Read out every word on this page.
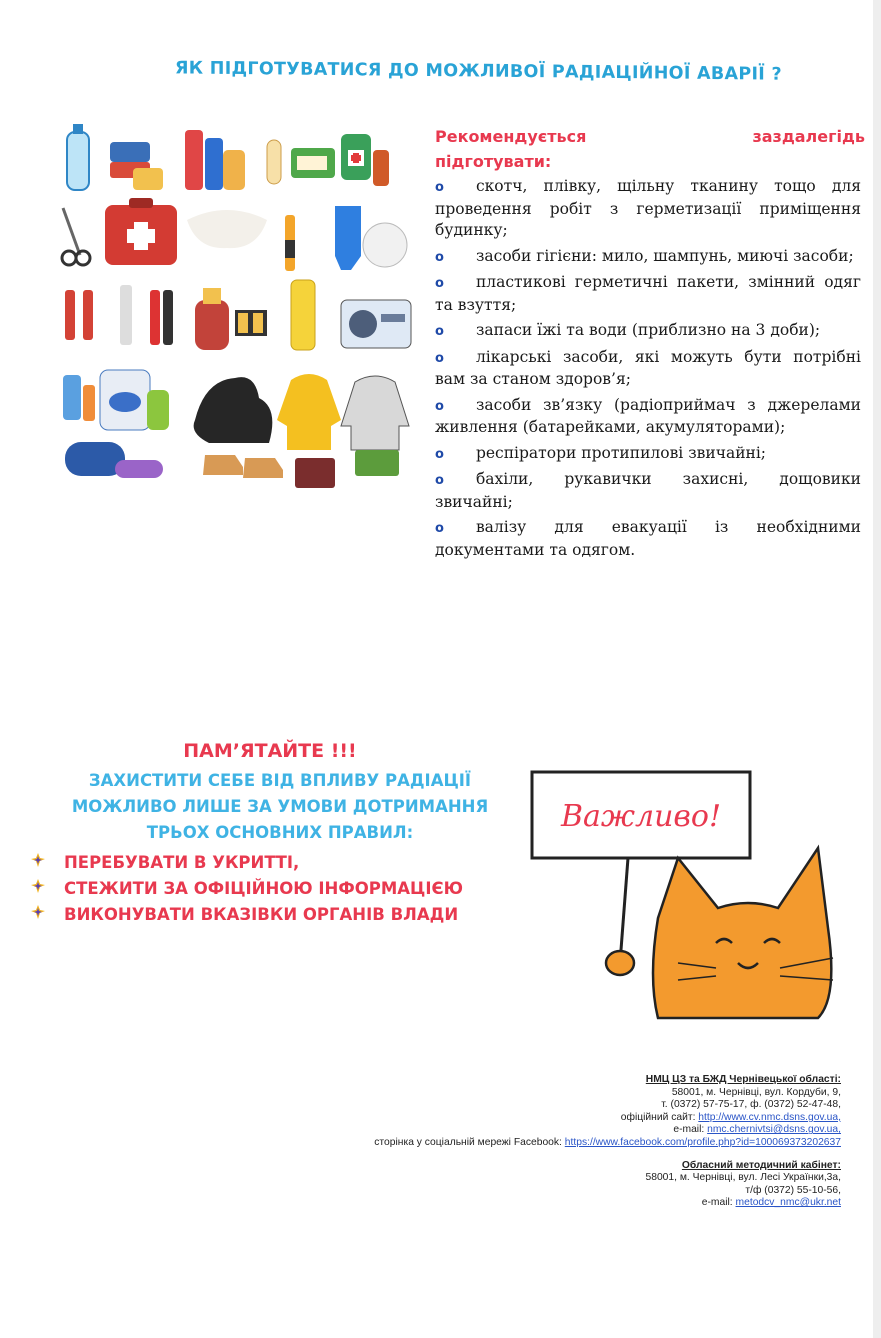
ЯК ПІДГОТУВАТИСЯ ДО МОЖЛИВОЇ РАДІАЦІЙНОЇ АВАРІЇ ?
Рекомендується	заздалегідь
підготувати:
o скотч, плівку, щільну тканину тощо для проведення робіт з герметизації приміщення будинку;
o засоби гігієни: мило, шампунь, миючі засоби;
o пластикові герметичні пакети, змінний одяг та взуття;
o запаси їжі та води (приблизно на 3 доби);
o лікарські засоби, які можуть бути потрібні вам за станом здоров’я;
o засоби зв’язку (радіоприймач з джерелами живлення (батарейками, акумуляторами);
o респіратори протипилові звичайні;
o бахіли, рукавички захисні, дощовики звичайні;
o валізу для евакуації із необхідними документами та одягом.
ПАМ’ЯТАЙТЕ !!!
ЗАХИСТИТИ СЕБЕ ВІД ВПЛИВУ РАДІАЦІЇ
МОЖЛИВО ЛИШЕ ЗА УМОВИ ДОТРИМАННЯ
ТРЬОХ ОСНОВНИХ ПРАВИЛ:
ПЕРЕБУВАТИ В УКРИТТІ,
СТЕЖИТИ ЗА ОФІЦІЙНОЮ ІНФОРМАЦІЄЮ
ВИКОНУВАТИ ВКАЗІВКИ ОРГАНІВ ВЛАДИ
Важливо!
НМЦ ЦЗ та БЖД Чернівецької області:
58001, м. Чернівці, вул. Кордуби, 9,
т. (0372) 57-75-17, ф. (0372) 52-47-48,
офіційний сайт: http://www.cv.nmc.dsns.gov.ua,
e-mail: nmc.chernivtsi@dsns.gov.ua,
сторінка у соціальній мережі Facebook: https://www.facebook.com/profile.php?id=100069373202637
Обласний методичний кабінет:
58001, м. Чернівці, вул. Лесі Українки,3а,
т/ф (0372) 55-10-56,
e-mail: metodcv_nmc@ukr.net
